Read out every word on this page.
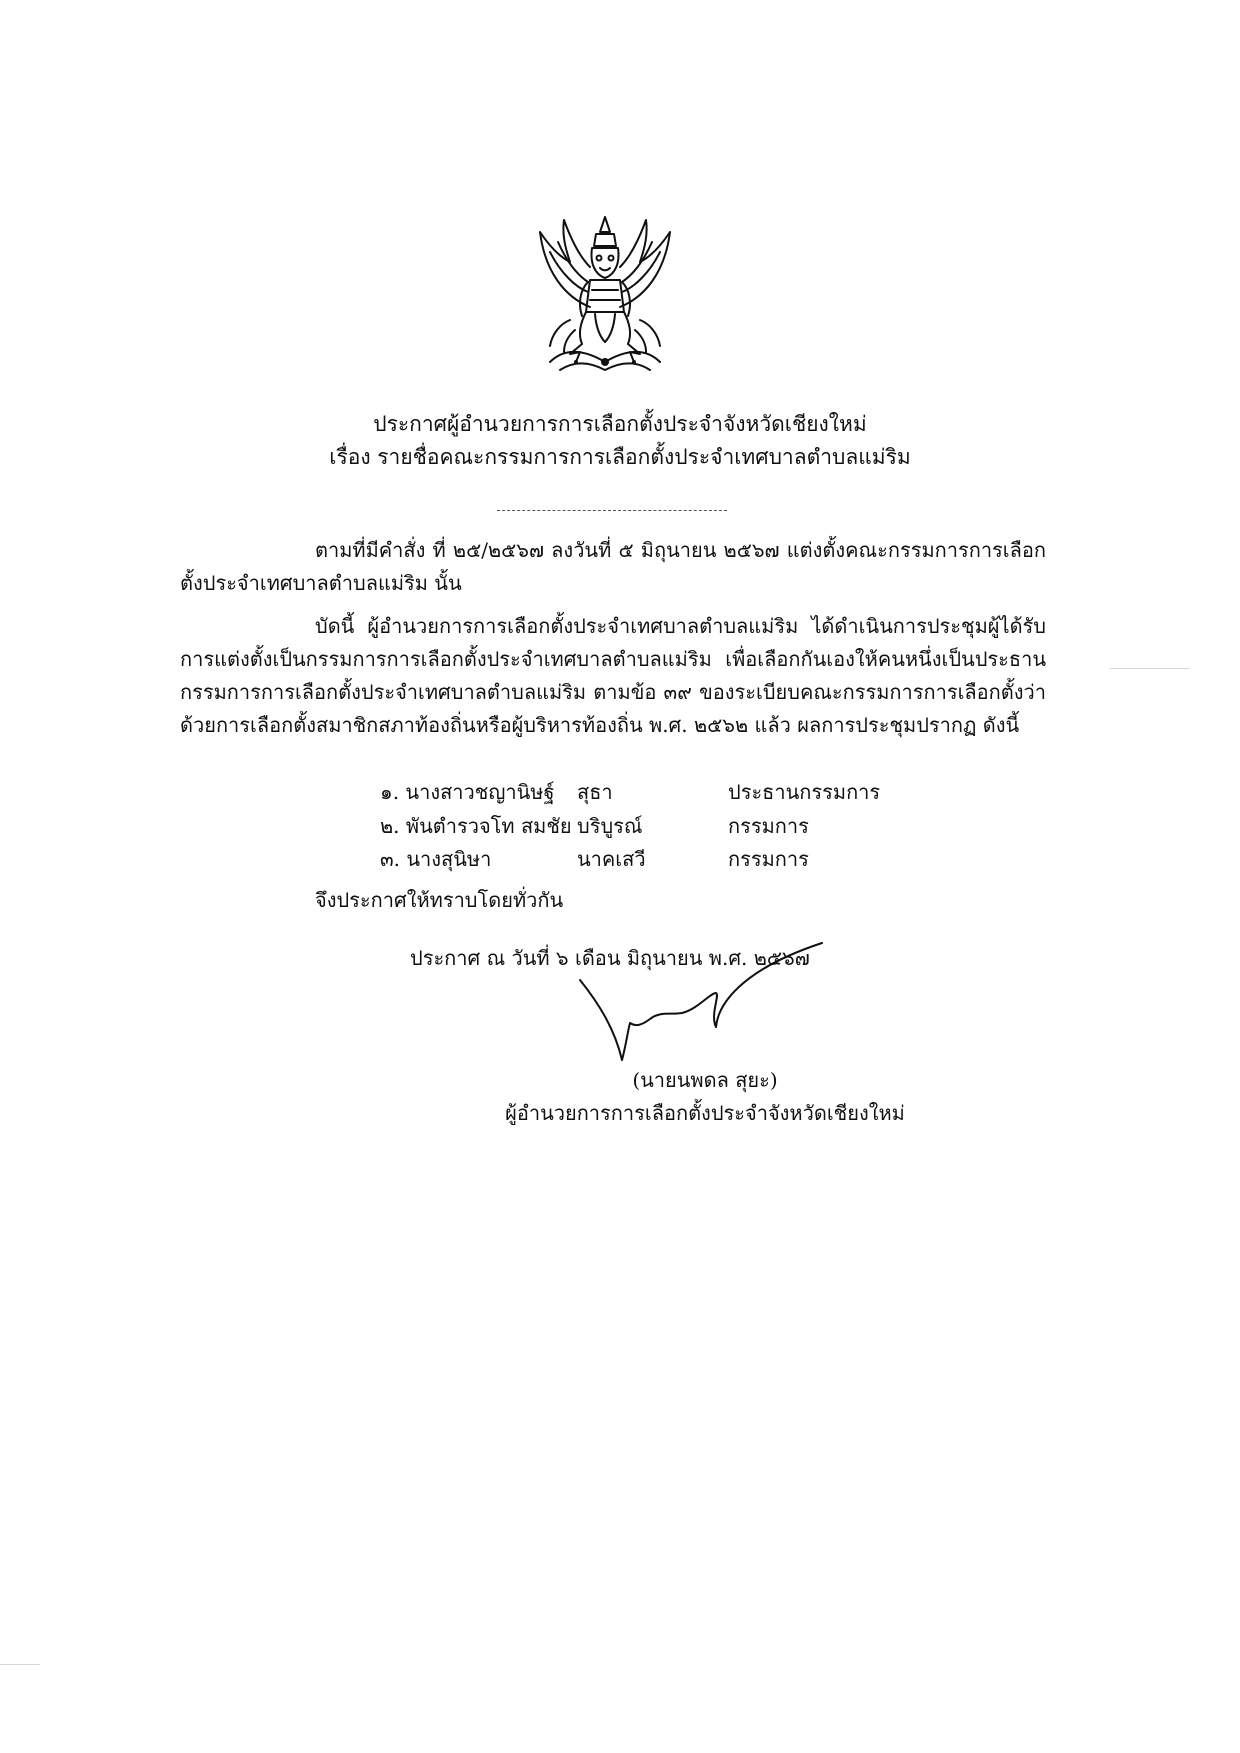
ประกาศผู้อำนวยการการเลือกตั้งประจำจังหวัดเชียงใหม่
เรื่อง รายชื่อคณะกรรมการการเลือกตั้งประจำเทศบาลตำบลแม่ริม
ตามที่มีคำสั่ง ที่ ๒๕/๒๕๖๗ ลงวันที่ ๕ มิถุนายน ๒๕๖๗ แต่งตั้งคณะกรรมการการเลือกตั้งประจำเทศบาลตำบลแม่ริม นั้น
บัดนี้ ผู้อำนวยการการเลือกตั้งประจำเทศบาลตำบลแม่ริม ได้ดำเนินการประชุมผู้ได้รับการแต่งตั้งเป็นกรรมการการเลือกตั้งประจำเทศบาลตำบลแม่ริม เพื่อเลือกกันเองให้คนหนึ่งเป็นประธานกรรมการการเลือกตั้งประจำเทศบาลตำบลแม่ริม ตามข้อ ๓๙ ของระเบียบคณะกรรมการการเลือกตั้งว่าด้วยการเลือกตั้งสมาชิกสภาท้องถิ่นหรือผู้บริหารท้องถิ่น พ.ศ. ๒๕๖๒ แล้ว ผลการประชุมปรากฏ ดังนี้
๑. นางสาวชญานิษฐ์ สุธา	ประธานกรรมการ
๒. พันตำรวจโท สมชัย บริบูรณ์	กรรมการ
๓. นางสุนิษา	นาคเสวี	กรรมการ
จึงประกาศให้ทราบโดยทั่วกัน
ประกาศ ณ วันที่ ๖ เดือน มิถุนายน พ.ศ. ๒๕๖๗
(นายนพดล สุยะ)
ผู้อำนวยการการเลือกตั้งประจำจังหวัดเชียงใหม่
